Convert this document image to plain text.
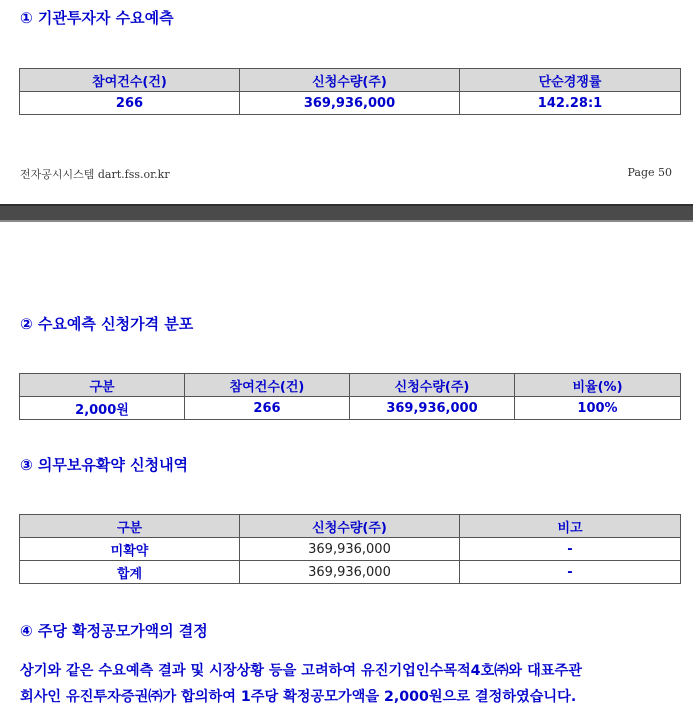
① 기관투자자 수요예측
참여건수(건)	신청수량(주)	단순경쟁률
266	369,936,000	142.28:1
전자공시시스템 dart.fss.or.kr	Page 50
② 수요예측 신청가격 분포
구분	참여건수(건)	신청수량(주)	비율(%)
2,000원	266	369,936,000	100%
③ 의무보유확약 신청내역
구분	신청수량(주)	비고
미확약	369,936,000	-
합계	369,936,000	-
④ 주당 확정공모가액의 결정
상기와 같은 수요예측 결과 및 시장상황 등을 고려하여 유진기업인수목적4호㈜와 대표주관
회사인 유진투자증권㈜가 합의하여 1주당 확정공모가액을 2,000원으로 결정하였습니다.
